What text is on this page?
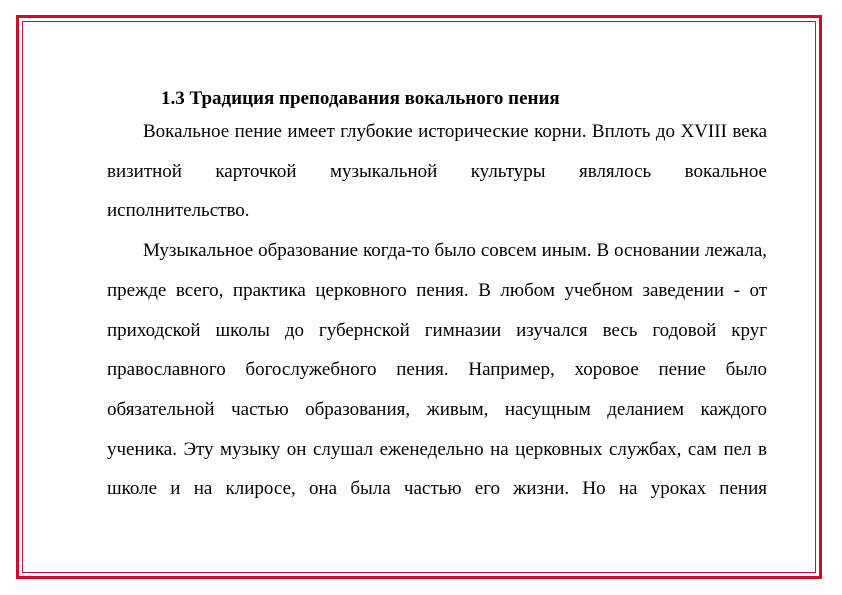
1.3 Традиция преподавания вокального пения

Вокальное пение имеет глубокие исторические корни. Вплоть до XVIII века визитной карточкой музыкальной культуры являлось вокальное исполнительство.

Музыкальное образование когда-то было совсем иным. В основании лежала, прежде всего, практика церковного пения. В любом учебном заведении - от приходской школы до губернской гимназии изучался весь годовой круг православного богослужебного пения. Например, хоровое пение было обязательной частью образования, живым, насущным деланием каждого ученика. Эту музыку он слушал еженедельно на церковных службах, сам пел в школе и на клиросе, она была частью его жизни. Но на уроках пения
